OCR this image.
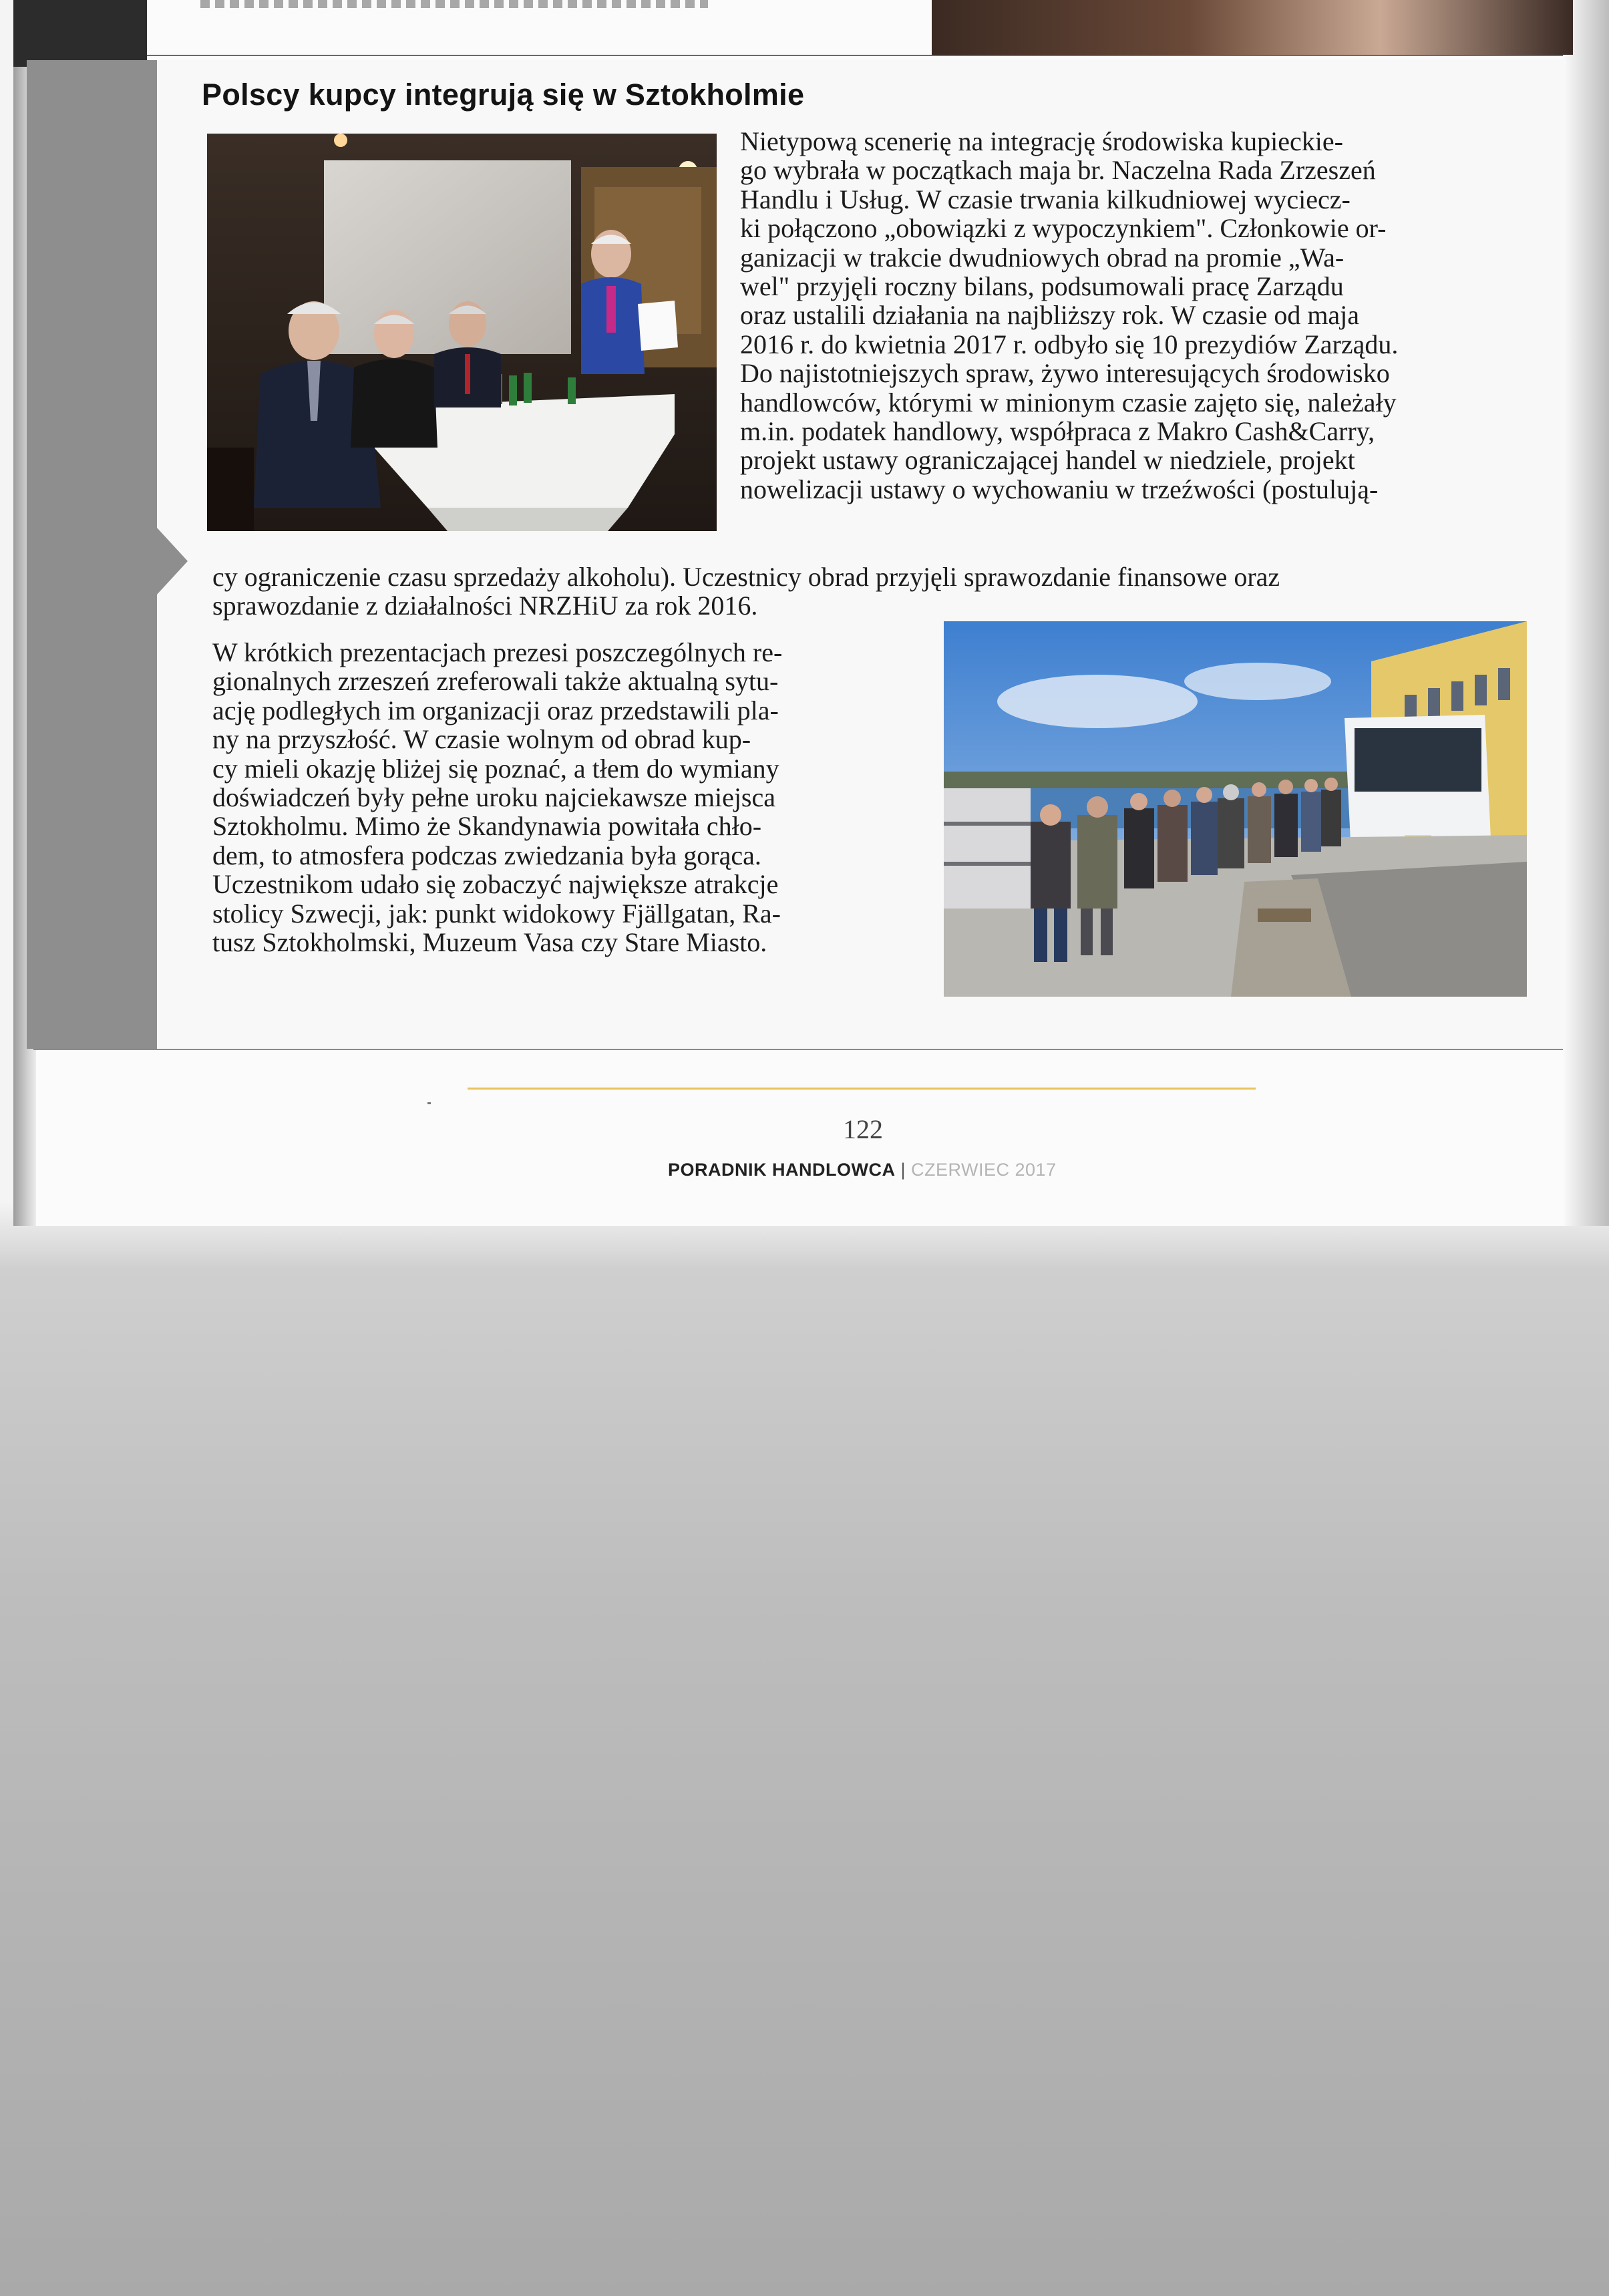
Polscy kupcy integrują się w Sztokholmie
Nietypową scenerię na integrację środowiska kupieckie-
go wybrała w początkach maja br. Naczelna Rada Zrzeszeń
Handlu i Usług. W czasie trwania kilkudniowej wyciecz-
ki połączono „obowiązki z wypoczynkiem". Członkowie or-
ganizacji w trakcie dwudniowych obrad na promie „Wa-
wel" przyjęli roczny bilans, podsumowali pracę Zarządu
oraz ustalili działania na najbliższy rok. W czasie od maja
2016 r. do kwietnia 2017 r. odbyło się 10 prezydiów Zarządu.
Do najistotniejszych spraw, żywo interesujących środowisko
handlowców, którymi w minionym czasie zajęto się, należały
m.in. podatek handlowy, współpraca z Makro Cash&Carry,
projekt ustawy ograniczającej handel w niedziele, projekt
nowelizacji ustawy o wychowaniu w trzeźwości (postulują-
cy ograniczenie czasu sprzedaży alkoholu). Uczestnicy obrad przyjęli sprawozdanie finansowe oraz
sprawozdanie z działalności NRZHiU za rok 2016.
W krótkich prezentacjach prezesi poszczególnych re-
gionalnych zrzeszeń zreferowali także aktualną sytu-
ację podległych im organizacji oraz przedstawili pla-
ny na przyszłość. W czasie wolnym od obrad kup-
cy mieli okazję bliżej się poznać, a tłem do wymiany
doświadczeń były pełne uroku najciekawsze miejsca
Sztokholmu. Mimo że Skandynawia powitała chło-
dem, to atmosfera podczas zwiedzania była gorąca.
Uczestnikom udało się zobaczyć największe atrakcje
stolicy Szwecji, jak: punkt widokowy Fjällgatan, Ra-
tusz Sztokholmski, Muzeum Vasa czy Stare Miasto.
122
PORADNIK HANDLOWCA | CZERWIEC 2017
